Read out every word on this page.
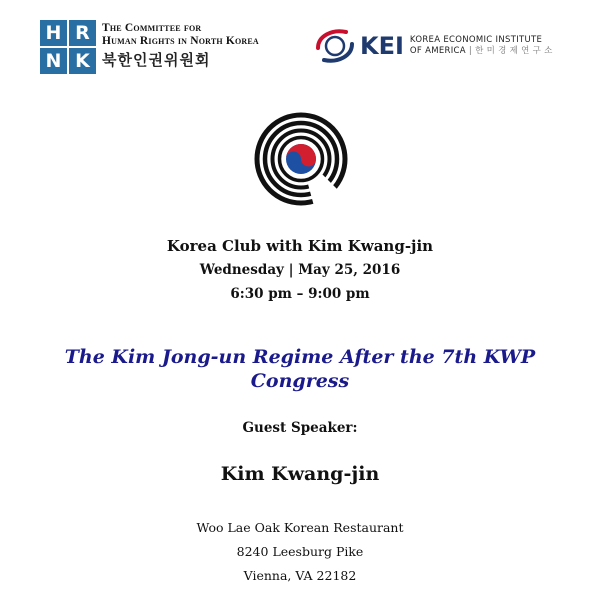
H R
N K
The Committee for
Human Rights in North Korea
북한인권위원회	KEI KOREA ECONOMIC INSTITUTE
OF AMERICA | 한 미 경 제 연 구 소
Korea Club with Kim Kwang-jin
Wednesday | May 25, 2016
6:30 pm – 9:00 pm
The Kim Jong-un Regime After the 7th KWP
Congress
Guest Speaker:
Kim Kwang-jin
Woo Lae Oak Korean Restaurant
8240 Leesburg Pike
Vienna, VA 22182
